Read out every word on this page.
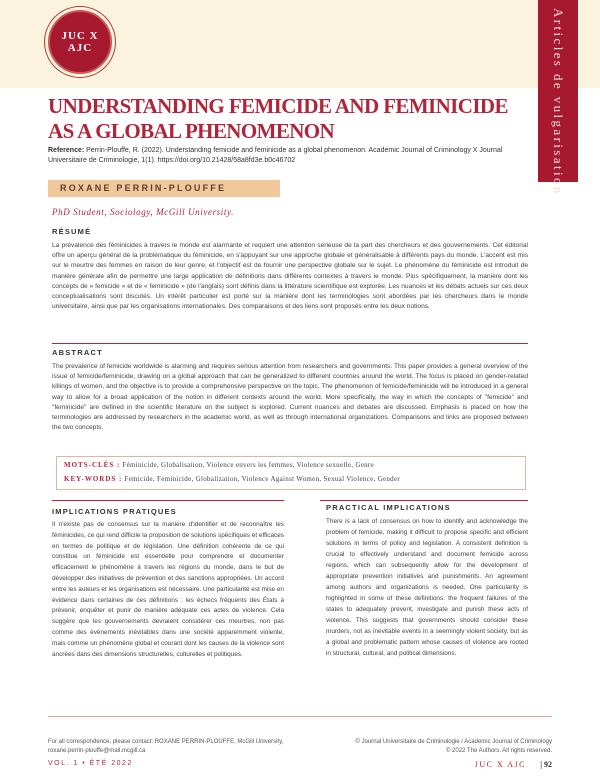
JUC X
AJC	Articles de vulgarisation
UNDERSTANDING FEMICIDE AND FEMINICIDE AS A GLOBAL PHENOMENON
Reference: Perrin-Plouffe, R. (2022). Understanding femicide and feminicide as a global phenomenon. Academic Journal of Criminology X Journal Universitaire de Criminologie, 1(1). https://doi.org/10.21428/58a8fd3e.b0c46702
ROXANE PERRIN-PLOUFFE
PhD Student, Sociology, McGill University.
RÉSUMÉ

La prévalence des féminicides à travers le monde est alarmante et requiert une attention sérieuse de la part des chercheurs et des gouvernements. Cet éditorial offre un aperçu général de la problématique du féminicide, en s'appuyant sur une approche globale et généralisable à différents pays du monde. L'accent est mis sur le meurtre des femmes en raison de leur genre, et l'objectif est de fournir une perspective globale sur le sujet. Le phénomène du féminicide est introduit de manière générale afin de permettre une large application de définitions dans différents contextes à travers le monde. Plus spécifiquement, la manière dont les concepts de « femicide » et de « feminicide » (de l'anglais) sont définis dans la littérature scientifique est explorée. Les nuances et les débats actuels sur ces deux conceptualisations sont discutés. Un intérêt particulier est porté sur la manière dont les terminologies sont abordées par les chercheurs dans le monde universitaire, ainsi que par les organisations internationales. Des comparaisons et des liens sont proposés entre les deux notions.

ABSTRACT

The prevalence of femicide worldwide is alarming and requires serious attention from researchers and governments. This paper provides a general overview of the issue of femicide/feminicide, drawing on a global approach that can be generalized to different countries around the world. The focus is placed on gender-related killings of women, and the objective is to provide a comprehensive perspective on the topic. The phenomenon of femicide/feminicide will be introduced in a general way to allow for a broad application of the notion in different contexts around the world. More specifically, the way in which the concepts of "femicide" and "feminicide" are defined in the scientific literature on the subject is explored. Current nuances and debates are discussed. Emphasis is placed on how the terminologies are addressed by researchers in the academic world, as well as through international organizations. Comparisons and links are proposed between the two concepts.

MOTS-CLÉS : Féminicide, Globalisation, Violence envers les femmes, Violence sexuelle, Genre
KEY-WORDS : Femicide, Feminicide, Globalization, Violence Against Women, Sexual Violence, Gender
IMPLICATIONS PRATIQUES

Il n'existe pas de consensus sur la manière d'identifier et de reconnaître les féminicides, ce qui rend difficile la proposition de solutions spécifiques et efficaces en termes de politique et de législation. Une définition cohérente de ce qui constitue un féminicide est essentielle pour comprendre et documenter efficacement le phénomène à travers les régions du monde, dans le but de développer des initiatives de prévention et des sanctions appropriées. Un accord entre les auteurs et les organisations est nécessaire. Une particularité est mise en évidence dans certaines de ces définitions : les échecs fréquents des États à prévenir, enquêter et punir de manière adéquate ces actes de violence. Cela suggère que les gouvernements devraient considérer ces meurtres, non pas comme des événements inévitables dans une société apparemment violente, mais comme un phénomène global et courant dont les causes de la violence sont ancrées dans des dimensions structurelles, culturelles et politiques.

PRACTICAL IMPLICATIONS

There is a lack of consensus on how to identify and acknowledge the problem of femicide, making it difficult to propose specific and efficient solutions in terms of policy and legislation. A consistent definition is crucial to effectively understand and document femicide across regions, which can subsequently allow for the development of appropriate prevention initiatives and punishments. An agreement among authors and organizations is needed. One particularity is highlighted in some of these definitions: the frequent failures of the states to adequately prevent, investigate and punish these acts of violence. This suggests that governments should consider these murders, not as inevitable events in a seemingly violent society, but as a global and problematic pattern whose causes of violence are rooted in structural, cultural, and political dimensions.

For all correspondence, please contact: ROXANE PERRIN-PLOUFFE, McGill University, roxane.perrin-plouffe@mail.mcgill.ca
© Journal Universitaire de Criminologie / Academic Journal of Criminology
© 2022 The Authors. All rights reserved.
VOL. 1 • ÉTÉ 2022	JUC X AJC | 92
